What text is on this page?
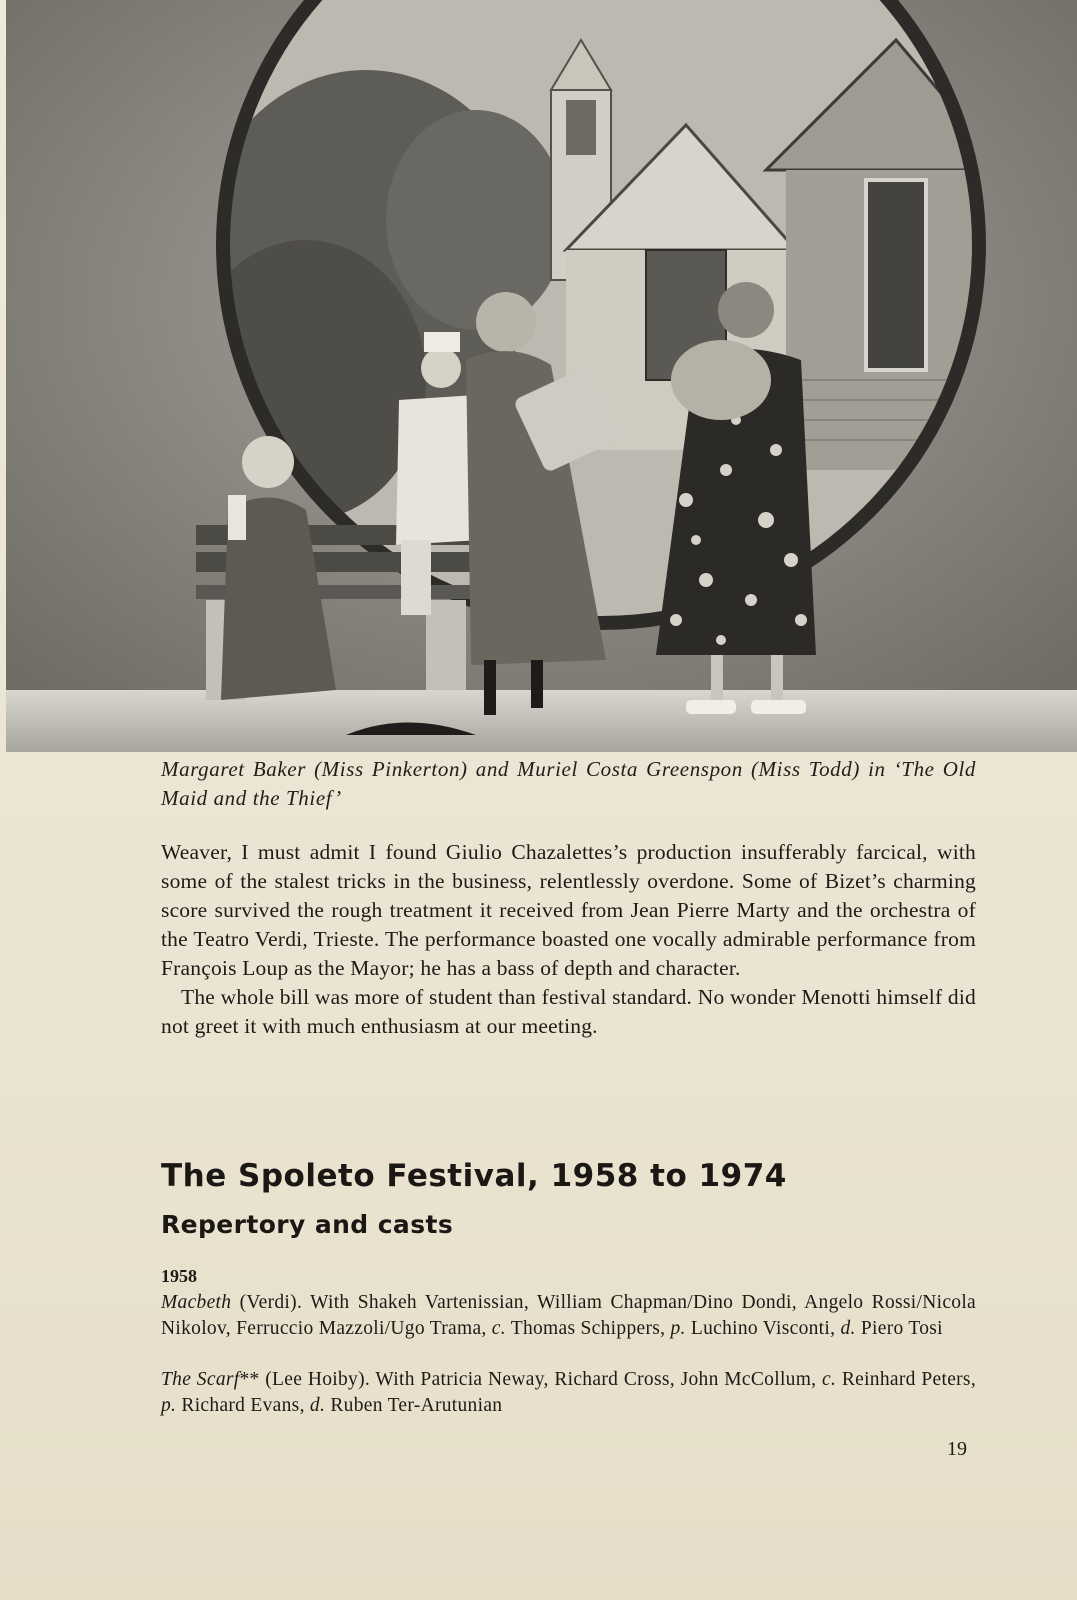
Margaret Baker (Miss Pinkerton) and Muriel Costa Greenspon (Miss Todd) in ‘The Old Maid and the Thief’

Weaver, I must admit I found Giulio Chazalettes’s production insufferably farcical, with some of the stalest tricks in the business, relentlessly overdone. Some of Bizet’s charming score survived the rough treatment it received from Jean Pierre Marty and the orchestra of the Teatro Verdi, Trieste. The performance boasted one vocally admirable performance from François Loup as the Mayor; he has a bass of depth and character.

The whole bill was more of student than festival standard. No wonder Menotti himself did not greet it with much enthusiasm at our meeting.

The Spoleto Festival, 1958 to 1974
Repertory and casts
1958
Macbeth (Verdi). With Shakeh Vartenissian, William Chapman/Dino Dondi, Angelo Rossi/Nicola Nikolov, Ferruccio Mazzoli/Ugo Trama, c. Thomas Schippers, p. Luchino Visconti, d. Piero Tosi
The Scarf** (Lee Hoiby). With Patricia Neway, Richard Cross, John McCollum, c. Reinhard Peters, p. Richard Evans, d. Ruben Ter-Arutunian
19
